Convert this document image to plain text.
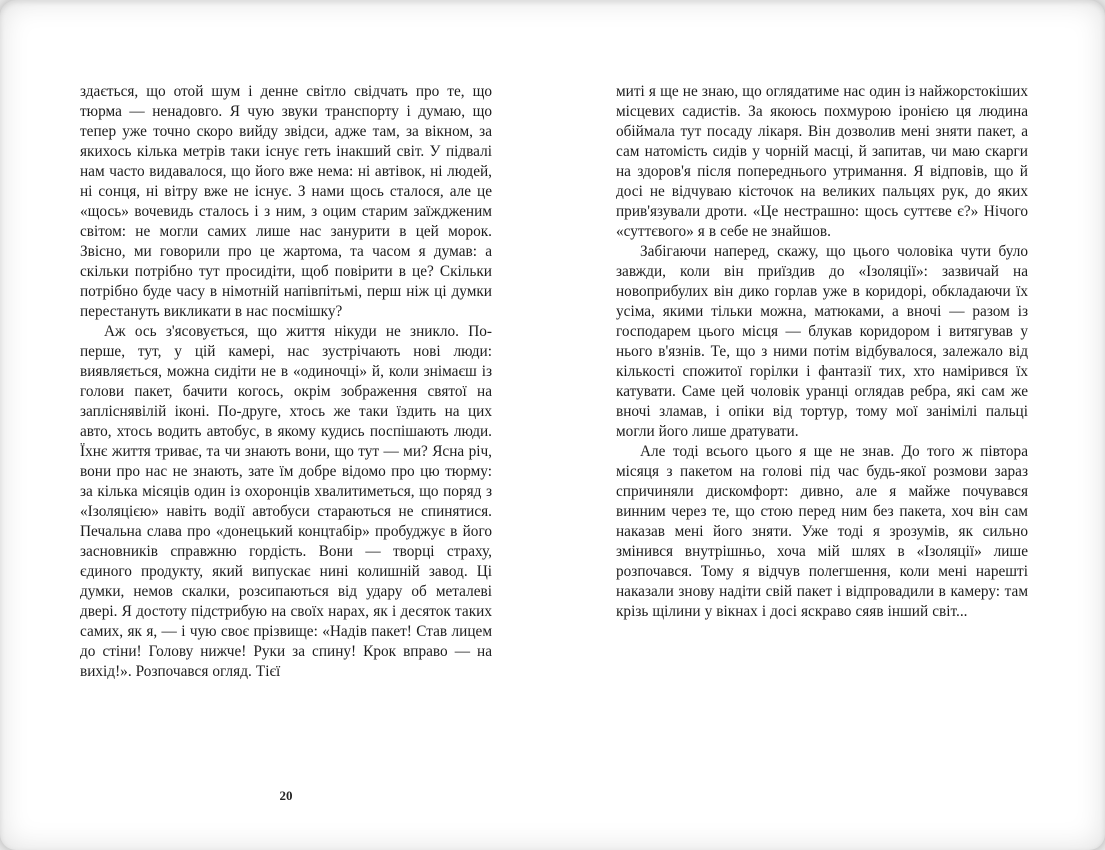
здається, що отой шум і денне світло свідчать про те, що тюрма — ненадовго. Я чую звуки транспорту і думаю, що тепер уже точно скоро вийду звідси, адже там, за вікном, за якихось кілька метрів таки існує геть інакший світ. У підвалі нам часто видавалося, що його вже нема: ні автівок, ні людей, ні сонця, ні вітру вже не існує. З нами щось сталося, але це «щось» вочевидь сталось і з ним, з оцим старим заїждженим світом: не могли самих лише нас занурити в цей морок. Звісно, ми говорили про це жартома, та часом я думав: а скільки потрібно тут просидіти, щоб повірити в це? Скільки потрібно буде часу в німотній напівпітьмі, перш ніж ці думки перестануть викликати в нас посмішку?

Аж ось з'ясовується, що життя нікуди не зникло. По-перше, тут, у цій камері, нас зустрічають нові люди: виявляється, можна сидіти не в «одиночці» й, коли знімаєш із голови пакет, бачити когось, окрім зображення святої на запліснявілій іконі. По-друге, хтось же таки їздить на цих авто, хтось водить автобус, в якому кудись поспішають люди. Їхнє життя триває, та чи знають вони, що тут — ми? Ясна річ, вони про нас не знають, зате їм добре відомо про цю тюрму: за кілька місяців один із охоронців хвалитиметься, що поряд з «Ізоляцією» навіть водії автобуси стараються не спинятися. Печальна слава про «донецький концтабір» пробуджує в його засновників справжню гордість. Вони — творці страху, єдиного продукту, який випускає нині колишній завод. Ці думки, немов скалки, розсипаються від удару об металеві двері. Я достоту підстрибую на своїх нарах, як і десяток таких самих, як я, — і чую своє прізвище: «Надів пакет! Став лицем до стіни! Голову нижче! Руки за спину! Крок вправо — на вихід!». Розпочався огляд. Тієї

миті я ще не знаю, що оглядатиме нас один із найжорстокіших місцевих садистів. За якоюсь похмурою іронією ця людина обіймала тут посаду лікаря. Він дозволив мені зняти пакет, а сам натомість сидів у чорній масці, й запитав, чи маю скарги на здоров'я після попереднього утримання. Я відповів, що й досі не відчуваю кісточок на великих пальцях рук, до яких прив'язували дроти. «Це нестрашно: щось суттєве є?» Нічого «суттєвого» я в себе не знайшов.

Забігаючи наперед, скажу, що цього чоловіка чути було завжди, коли він приїздив до «Ізоляції»: зазвичай на новоприбулих він дико горлав уже в коридорі, обкладаючи їх усіма, якими тільки можна, матюками, а вночі — разом із господарем цього місця — блукав коридором і витягував у нього в'язнів. Те, що з ними потім відбувалося, залежало від кількості спожитої горілки і фантазії тих, хто намірився їх катувати. Саме цей чоловік уранці оглядав ребра, які сам же вночі зламав, і опіки від тортур, тому мої занімілі пальці могли його лише дратувати.

Але тоді всього цього я ще не знав. До того ж півтора місяця з пакетом на голові під час будь-якої розмови зараз спричиняли дискомфорт: дивно, але я майже почувався винним через те, що стою перед ним без пакета, хоч він сам наказав мені його зняти. Уже тоді я зрозумів, як сильно змінився внутрішньо, хоча мій шлях в «Ізоляції» лише розпочався. Тому я відчув полегшення, коли мені нарешті наказали знову надіти свій пакет і відпровадили в камеру: там крізь щілини у вікнах і досі яскраво сяяв інший світ...

20
